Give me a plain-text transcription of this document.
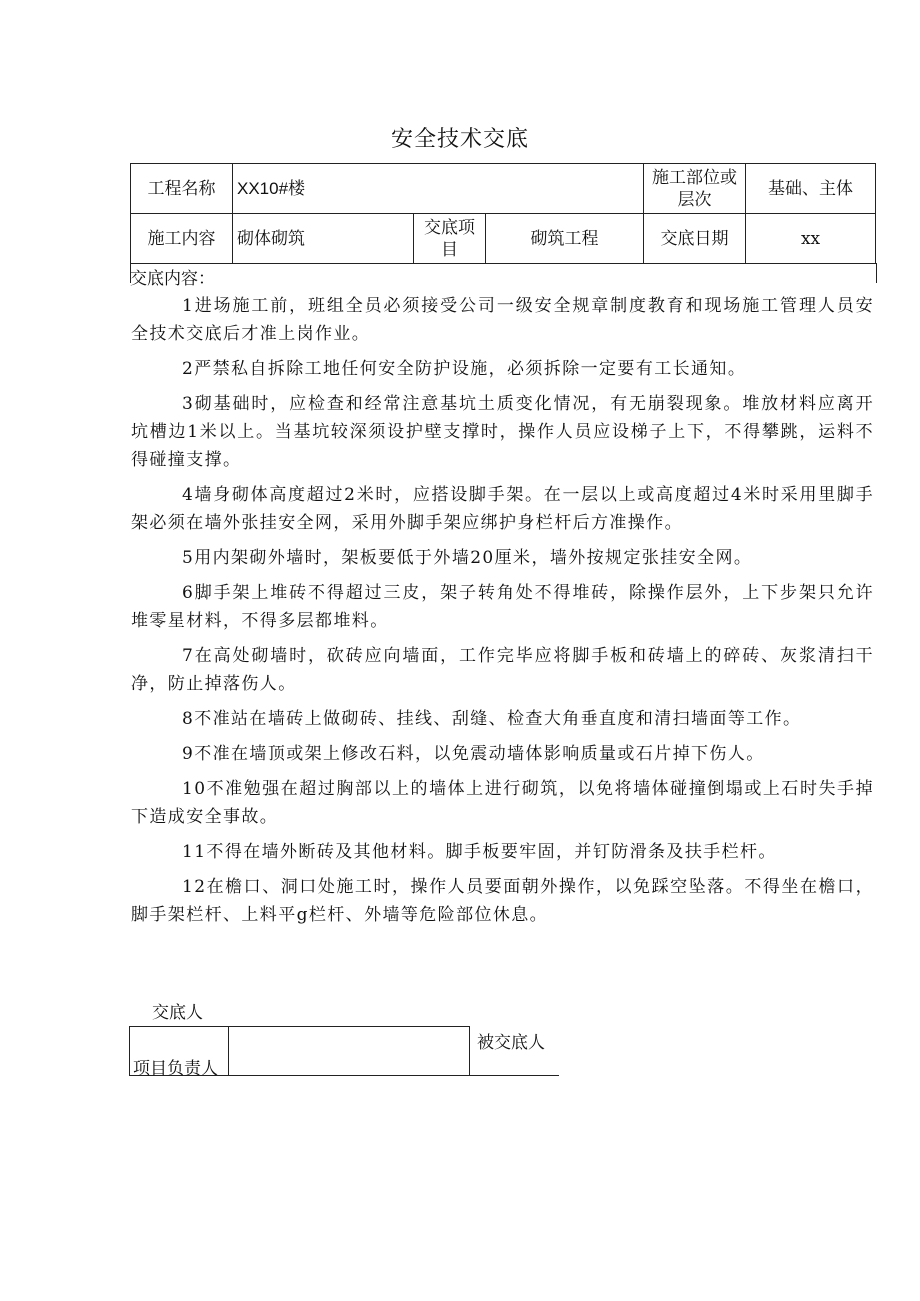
安全技术交底
工程名称	XX10#楼			施工部位或层次	基础、主体
施工内容	砌体砌筑	交底项目	砌筑工程	交底日期	xx
交底内容：

1进场施工前，班组全员必须接受公司一级安全规章制度教育和现场施工管理人员安全技术交底后才准上岗作业。

2严禁私自拆除工地任何安全防护设施，必须拆除一定要有工长通知。

3砌基础时，应检查和经常注意基坑土质变化情况，有无崩裂现象。堆放材料应离开坑槽边1米以上。当基坑较深须设护壁支撑时，操作人员应设梯子上下，不得攀跳，运料不得碰撞支撑。

4墙身砌体高度超过2米时，应搭设脚手架。在一层以上或高度超过4米时采用里脚手架必须在墙外张挂安全网，采用外脚手架应绑护身栏杆后方准操作。

5用内架砌外墙时，架板要低于外墙20厘米，墙外按规定张挂安全网。

6脚手架上堆砖不得超过三皮，架子转角处不得堆砖，除操作层外，上下步架只允许堆零星材料，不得多层都堆料。

7在高处砌墙时，砍砖应向墙面，工作完毕应将脚手板和砖墙上的碎砖、灰浆清扫干净，防止掉落伤人。

8不准站在墙砖上做砌砖、挂线、刮缝、检查大角垂直度和清扫墙面等工作。

9不准在墙顶或架上修改石料，以免震动墙体影响质量或石片掉下伤人。

10不准勉强在超过胸部以上的墙体上进行砌筑，以免将墙体碰撞倒塌或上石时失手掉下造成安全事故。

11不得在墙外断砖及其他材料。脚手板要牢固，并钉防滑条及扶手栏杆。

12在檐口、洞口处施工时，操作人员要面朝外操作，以免踩空坠落。不得坐在檐口，脚手架栏杆、上料平g栏杆、外墙等危险部位休息。

交底人
项目负责人
被交底人
